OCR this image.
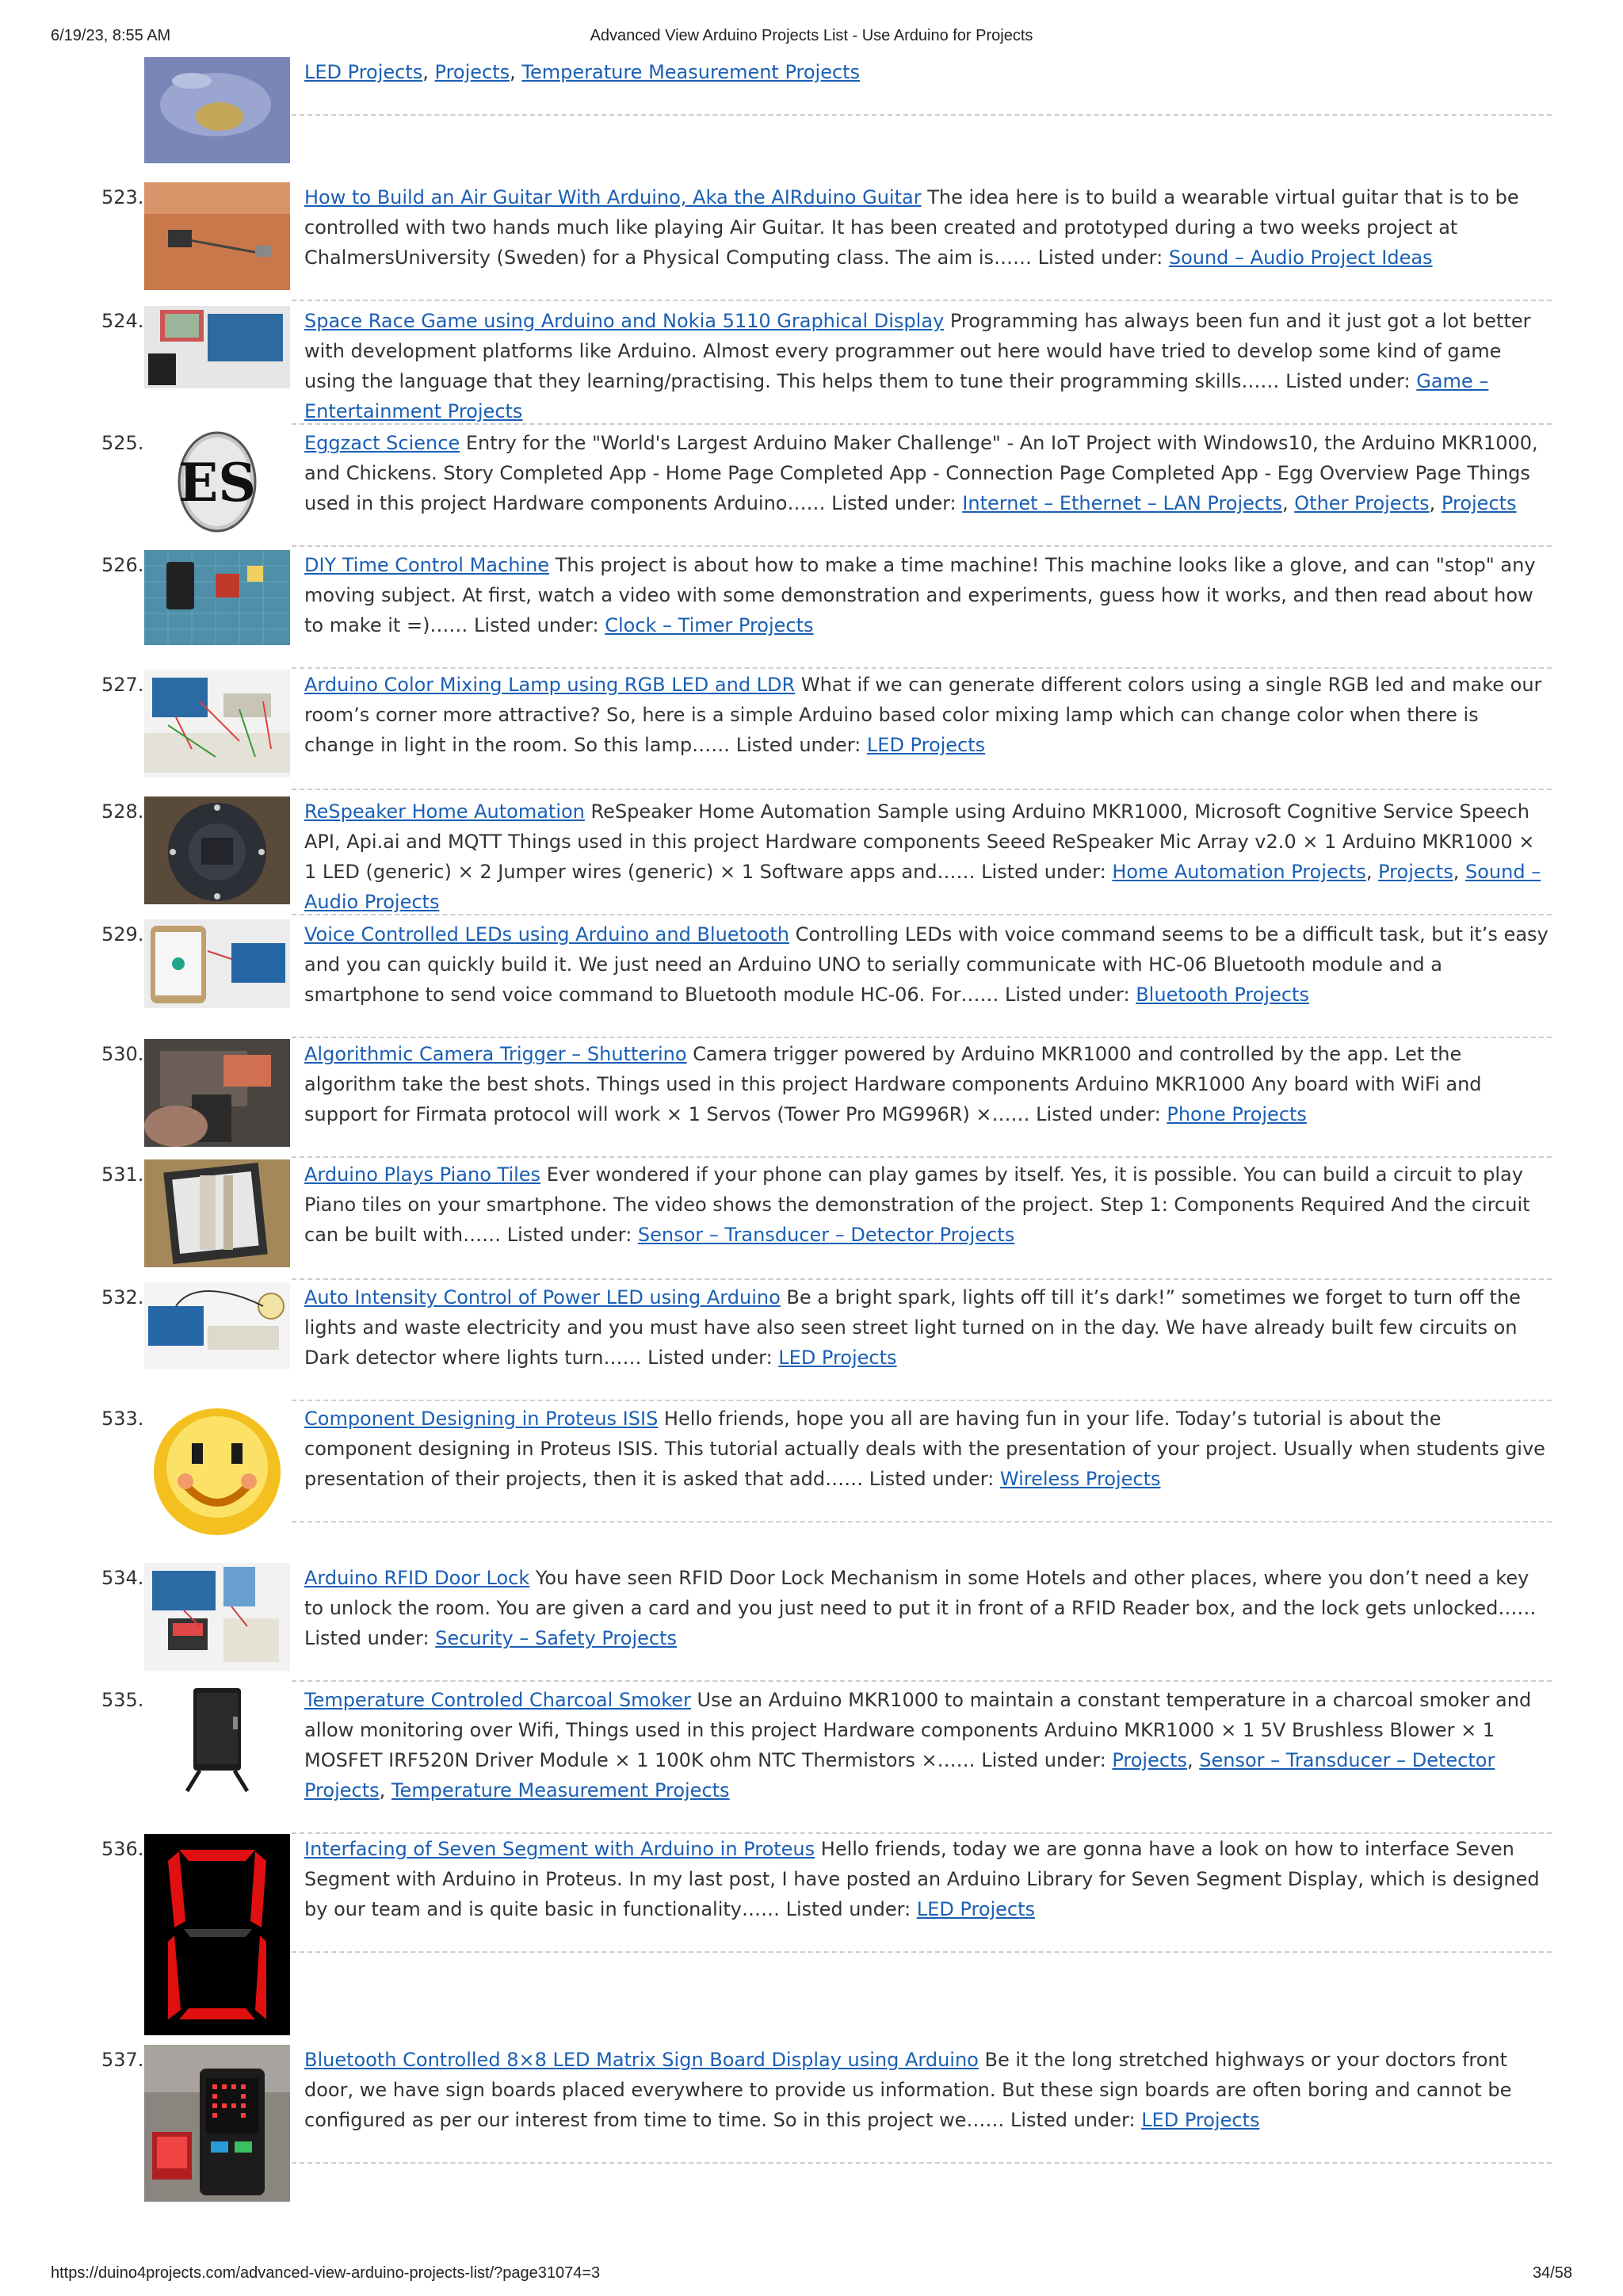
6/19/23, 8:55 AM	Advanced View Arduino Projects List - Use Arduino for Projects
LED Projects, Projects, Temperature Measurement Projects
523.	How to Build an Air Guitar With Arduino, Aka the AIRduino Guitar The idea here is to build a wearable virtual guitar that is to be controlled with two hands much like playing Air Guitar. It has been created and prototyped during a two weeks project at ChalmersUniversity (Sweden) for a Physical Computing class. The aim is…… Listed under: Sound – Audio Project Ideas
524.	Space Race Game using Arduino and Nokia 5110 Graphical Display Programming has always been fun and it just got a lot better with development platforms like Arduino. Almost every programmer out here would have tried to develop some kind of game using the language that they learning/practising. This helps them to tune their programming skills…… Listed under: Game – Entertainment Projects
525.
ES
Eggzact Science Entry for the "World's Largest Arduino Maker Challenge" - An IoT Project with Windows10, the Arduino MKR1000, and Chickens. Story Completed App - Home Page Completed App - Connection Page Completed App - Egg Overview Page Things used in this project Hardware components Arduino…… Listed under: Internet – Ethernet – LAN Projects, Other Projects, Projects
526.	DIY Time Control Machine This project is about how to make a time machine! This machine looks like a glove, and can "stop" any moving subject. At first, watch a video with some demonstration and experiments, guess how it works, and then read about how to make it =)…… Listed under: Clock – Timer Projects
527.	Arduino Color Mixing Lamp using RGB LED and LDR What if we can generate different colors using a single RGB led and make our room’s corner more attractive? So, here is a simple Arduino based color mixing lamp which can change color when there is change in light in the room. So this lamp…… Listed under: LED Projects
528.	ReSpeaker Home Automation ReSpeaker Home Automation Sample using Arduino MKR1000, Microsoft Cognitive Service Speech API, Api.ai and MQTT Things used in this project Hardware components Seeed ReSpeaker Mic Array v2.0 × 1 Arduino MKR1000 × 1 LED (generic) × 2 Jumper wires (generic) × 1 Software apps and…… Listed under: Home Automation Projects, Projects, Sound – Audio Projects
529.	Voice Controlled LEDs using Arduino and Bluetooth Controlling LEDs with voice command seems to be a difficult task, but it’s easy and you can quickly build it. We just need an Arduino UNO to serially communicate with HC-06 Bluetooth module and a smartphone to send voice command to Bluetooth module HC-06. For…… Listed under: Bluetooth Projects
530.	Algorithmic Camera Trigger – Shutterino Camera trigger powered by Arduino MKR1000 and controlled by the app. Let the algorithm take the best shots. Things used in this project Hardware components Arduino MKR1000 Any board with WiFi and support for Firmata protocol will work × 1 Servos (Tower Pro MG996R) ×…… Listed under: Phone Projects
531.	Arduino Plays Piano Tiles Ever wondered if your phone can play games by itself. Yes, it is possible. You can build a circuit to play Piano tiles on your smartphone. The video shows the demonstration of the project. Step 1: Components Required And the circuit can be built with…… Listed under: Sensor – Transducer – Detector Projects
532.	Auto Intensity Control of Power LED using Arduino Be a bright spark, lights off till it’s dark!” sometimes we forget to turn off the lights and waste electricity and you must have also seen street light turned on in the day. We have already built few circuits on Dark detector where lights turn…… Listed under: LED Projects
533.	Component Designing in Proteus ISIS Hello friends, hope you all are having fun in your life. Today’s tutorial is about the component designing in Proteus ISIS. This tutorial actually deals with the presentation of your project. Usually when students give presentation of their projects, then it is asked that add…… Listed under: Wireless Projects
534.	Arduino RFID Door Lock You have seen RFID Door Lock Mechanism in some Hotels and other places, where you don’t need a key to unlock the room. You are given a card and you just need to put it in front of a RFID Reader box, and the lock gets unlocked…… Listed under: Security – Safety Projects
535.	Temperature Controled Charcoal Smoker Use an Arduino MKR1000 to maintain a constant temperature in a charcoal smoker and allow monitoring over Wifi, Things used in this project Hardware components Arduino MKR1000 × 1 5V Brushless Blower × 1 MOSFET IRF520N Driver Module × 1 100K ohm NTC Thermistors ×…… Listed under: Projects, Sensor – Transducer – Detector Projects, Temperature Measurement Projects
536.	Interfacing of Seven Segment with Arduino in Proteus Hello friends, today we are gonna have a look on how to interface Seven Segment with Arduino in Proteus. In my last post, I have posted an Arduino Library for Seven Segment Display, which is designed by our team and is quite basic in functionality…… Listed under: LED Projects
537.	Bluetooth Controlled 8×8 LED Matrix Sign Board Display using Arduino Be it the long stretched highways or your doctors front door, we have sign boards placed everywhere to provide us information. But these sign boards are often boring and cannot be configured as per our interest from time to time. So in this project we…… Listed under: LED Projects
https://duino4projects.com/advanced-view-arduino-projects-list/?page31074=3	34/58
